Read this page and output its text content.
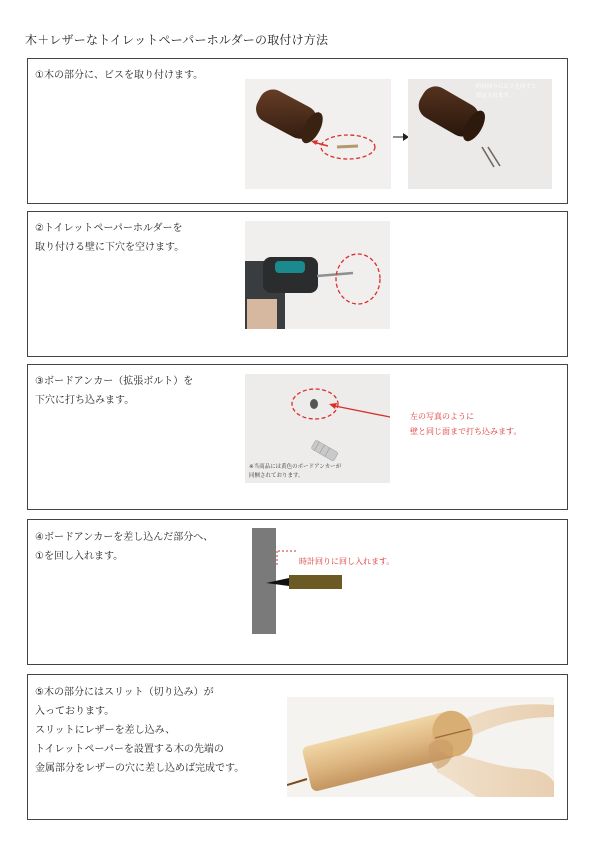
木＋レザーなトイレットペーパーホルダーの取付け方法
①木の部分に、ビスを取り付けます。
時計回りにビスを回すと
固定されます。
②トイレットペーパーホルダーを
取り付ける壁に下穴を空けます。
③ボードアンカー（拡張ボルト）を
下穴に打ち込みます。
※当商品には黄色のボードアンカーが
同梱されております。
左の写真のように
壁と同じ面まで打ち込みます。
④ボードアンカーを差し込んだ部分へ、
①を回し入れます。	時計回りに回し入れます。
⑤木の部分にはスリット（切り込み）が
入っております。
スリットにレザーを差し込み、
トイレットペーパーを設置する木の先端の
金属部分をレザーの穴に差し込めば完成です。
